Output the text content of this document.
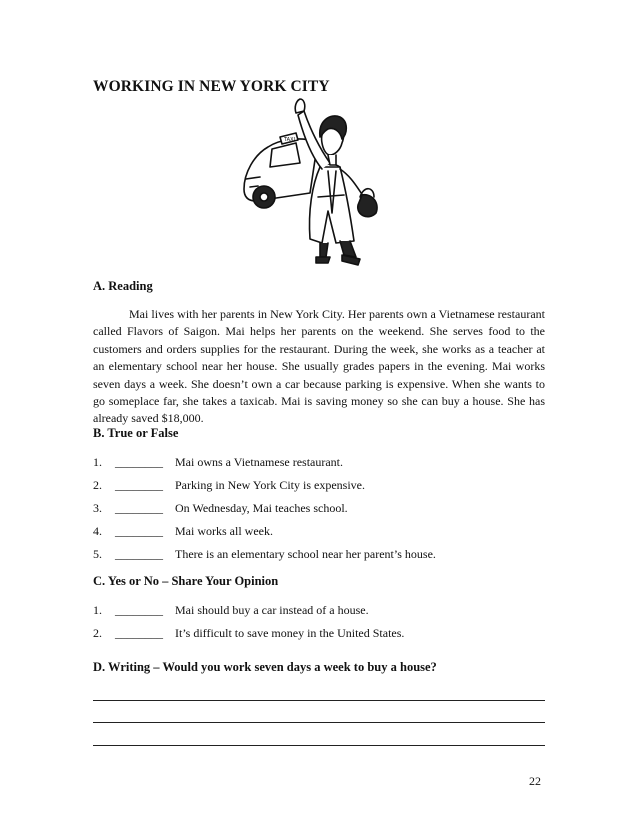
WORKING IN NEW YORK CITY
TAXI
A. Reading

Mai lives with her parents in New York City. Her parents own a Vietnamese restaurant called Flavors of Saigon. Mai helps her parents on the weekend. She serves food to the customers and orders supplies for the restaurant. During the week, she works as a teacher at an elementary school near her house. She usually grades papers in the evening. Mai works seven days a week. She doesn’t own a car because parking is expensive. When she wants to go someplace far, she takes a taxicab. Mai is saving money so she can buy a house. She has already saved $18,000.

B. True or False
1.	________	Mai owns a Vietnamese restaurant.
2.	________	Parking in New York City is expensive.
3.	________	On Wednesday, Mai teaches school.
4.	________	Mai works all week.
5.	________	There is an elementary school near her parent’s house.
C. Yes or No – Share Your Opinion
1.	________	Mai should buy a car instead of a house.
2.	________	It’s difficult to save money in the United States.
D. Writing – Would you work seven days a week to buy a house?
22
